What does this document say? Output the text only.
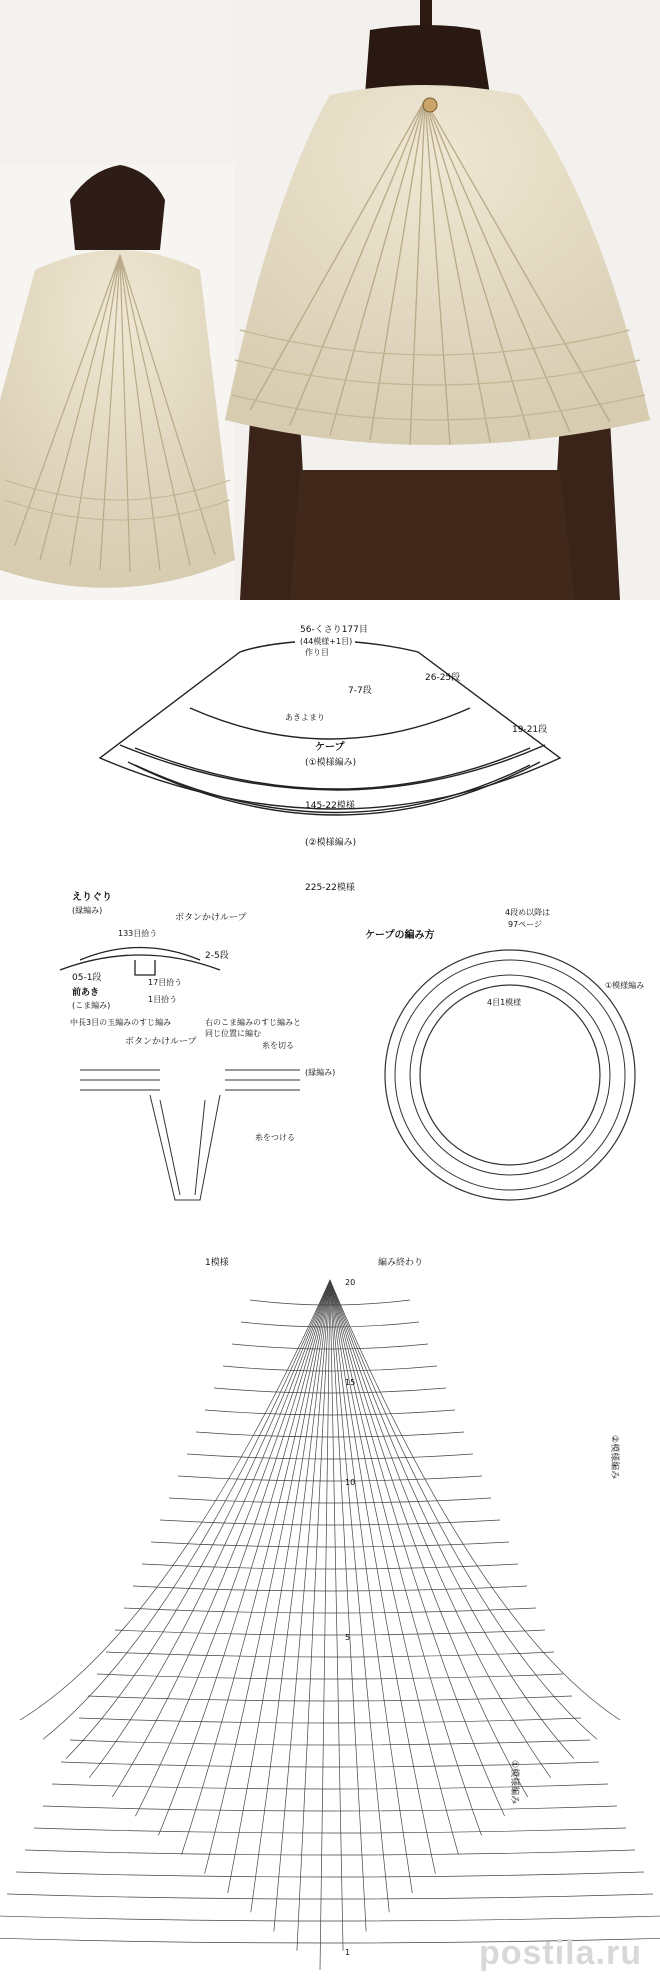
56-くさり177目
(44模様+1目)
作り目
26-25段
7-7段
あきよまり
19-21段
ケープ
(①模様編み)
145-22模様
(②模様編み)
225-22模様
えりぐり
(縁編み)
ボタンかけループ
133目拾う
2-5段
05-1段
前あき
(こま編み)
17目拾う
1目拾う
中長3目の玉編みのすじ編み	右のこま編みのすじ編みと
同じ位置に編む
糸を切る
ボタンかけループ
(縁編み)
糸をつける
ケープの編み方
4段め以降は
97ページ
4目1模様
①模様編み
1模様	編み終わり
②模様編み
①模様編み
20
15
10
5
1	postila.ru
